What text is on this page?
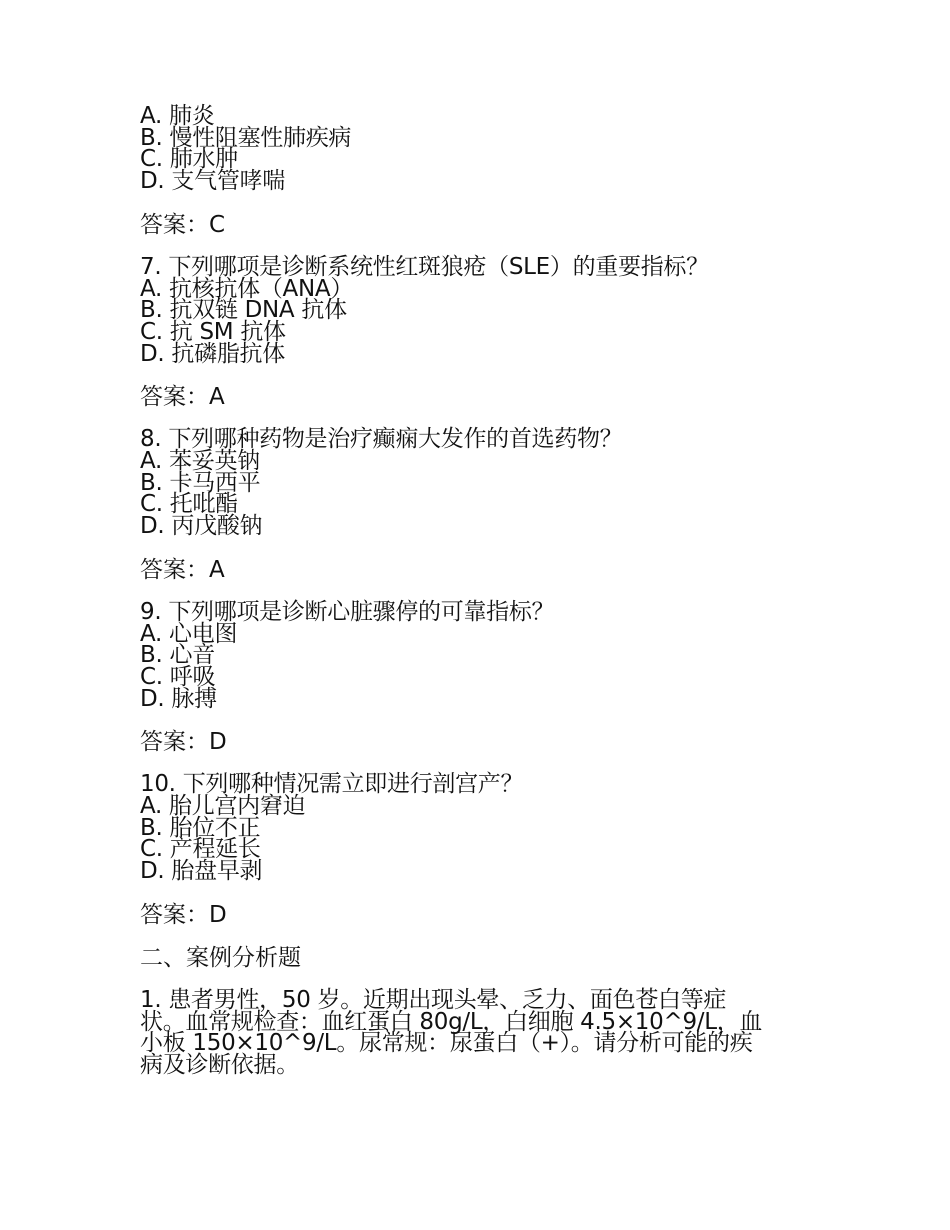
A. 肺炎
B. 慢性阻塞性肺疾病
C. 肺水肿
D. 支气管哮喘
答案：C
7. 下列哪项是诊断系统性红斑狼疮（SLE）的重要指标？
A. 抗核抗体（ANA）
B. 抗双链 DNA 抗体
C. 抗 SM 抗体
D. 抗磷脂抗体
答案：A
8. 下列哪种药物是治疗癫痫大发作的首选药物？
A. 苯妥英钠
B. 卡马西平
C. 托吡酯
D. 丙戊酸钠
答案：A
9. 下列哪项是诊断心脏骤停的可靠指标？
A. 心电图
B. 心音
C. 呼吸
D. 脉搏
答案：D
10. 下列哪种情况需立即进行剖宫产？
A. 胎儿宫内窘迫
B. 胎位不正
C. 产程延长
D. 胎盘早剥
答案：D
二、案例分析题
1. 患者男性，50 岁。近期出现头晕、乏力、面色苍白等症
状。血常规检查：血红蛋白 80g/L，白细胞 4.5×10^9/L，血
小板 150×10^9/L。尿常规：尿蛋白（+）。请分析可能的疾
病及诊断依据。
